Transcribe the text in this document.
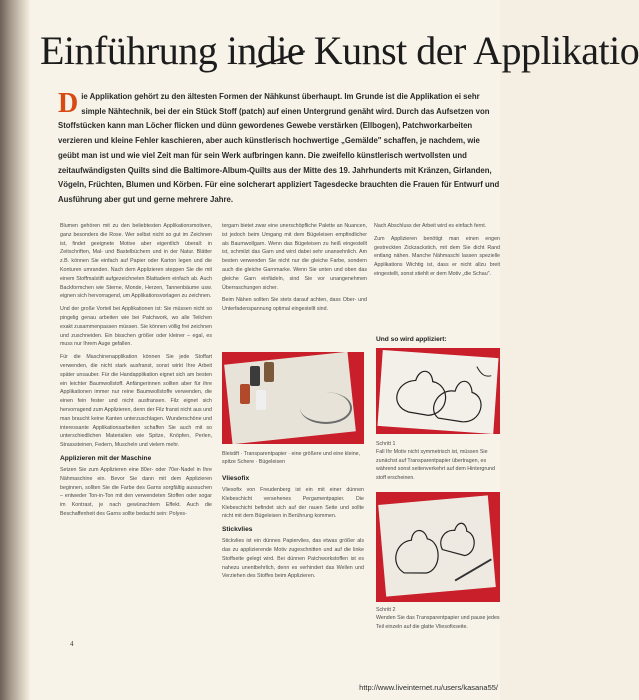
Einführung indie Kunst der Applikatio
Die Applikation gehört zu den ältesten Formen der Nähkunst überhaupt. Im Grunde ist die Applikation ei sehr simple Nähtechnik, bei der ein Stück Stoff (patch) auf einen Untergrund genäht wird. Durch das Aufsetzen von Stoffstücken kann man Löcher flicken und dünn gewordenes Gewebe verstärken (Ellbogen), Patchworkarbeiten verzieren und kleine Fehler kaschieren, aber auch künstlerisch hochwertige „Gemälde" schaffen, je nachdem, wie geübt man ist und wie viel Zeit man für sein Werk aufbringen kann. Die zweifello künstlerisch wertvollsten und zeitaufwändigsten Quilts sind die Baltimore-Album-Quilts aus der Mitte des 19. Jahrhunderts mit Kränzen, Girlanden, Vögeln, Früchten, Blumen und Körben. Für eine solcherart appliziert Tagesdecke brauchten die Frauen für Entwurf und Ausführung aber gut und gerne mehrere Jahre.

Blumen gehören mit zu den beliebtesten Applikationsmotiven, ganz besonders die Rose. Wer selbst nicht so gut im Zeichnen ist, findet geeignete Motive aber eigentlich überall: in Zeitschriften, Mal- und Bastelbüchern und in der Natur. Blätter z.B. können Sie einfach auf Papier oder Karton legen und die Konturen umranden. Nach dem Applizieren steppen Sie die mit einem Stoffmalstift aufgezeichneten Blattadern einfach ab. Auch Backformchen wie Sterne, Monde, Herzen, Tannenbäume usw. eignen sich hervorragend, um Applikationsvorlagen zu zeichnen.

Und der große Vorteil bei Applikationen ist: Sie müssen nicht so pingelig genau arbeiten wie bei Patchwork, wo alle Teilchen exakt zusammenpassen müssen. Sie können völlig frei zeichnen und zuschneiden. Ein bisschen größer oder kleiner – egal, es muss nur Ihrem Auge gefallen.

Für die Maschinenapplikation können Sie jede Stoffart verwenden, die nicht stark ausfranst, sonst wirkt Ihre Arbeit später unsauber. Für die Handapplikation eignet sich am besten ein leichter Baumwollstoff. Anfängerinnen sollten aber für ihre Applikationen immer nur reine Baumwollstoffe verwenden, die einen fein fester und nicht ausfransen. Filz eignet sich hervorragend zum Applizieren, denn der Filz franst nicht aus und man braucht keine Kanten unterzuschlagen. Wunderschöne und interessante Applikationsarbeiten schaffen Sie auch mit so unterschiedlichen Materialien wie Spitze, Knöpfen, Perlen, Strasssteinen, Federn, Muscheln und vielem mehr.

Applizieren mit der Maschine

Setzen Sie zum Applizieren eine 80er- oder 70er-Nadel in Ihre Nähmaschine ein. Bevor Sie dann mit dem Applizieren beginnen, sollten Sie die Farbe des Garns sorgfältig aussuchen – entweder Ton-in-Ton mit den verwendeten Stoffen oder sogar im Kontrast, je nach gewünschtem Effekt. Auch die Beschaffenheit des Garns sollte bedacht sein: Polyes-

tergarn bietet zwar eine unerschöpfliche Palette an Nuancen, ist jedoch beim Umgang mit dem Bügeleisen empfindlicher als Baumwollgarn. Wenn das Bügeleisen zu heiß eingestellt ist, schmilzt das Garn und wird dabei sehr unansehnlich. Am besten verwenden Sie nicht nur die gleiche Farbe, sondern auch die gleiche Garnmarke. Wenn Sie unten und oben das gleiche Garn einfädeln, sind Sie vor unangenehmen Überraschungen sicher.

Beim Nähen sollten Sie stets darauf achten, dass Ober- und Unterfadenspannung optimal eingestellt sind.

Bleistift · Transparentpapier · eine größere und eine kleine, spitze Schere · Bügeleisen
Vliesofix

Vliesofix von Freudenberg ist ein mit einer dünnen Klebeschicht versehenes Pergamentpapier. Die Klebeschicht befindet sich auf der rauen Seite und sollte nicht mit dem Bügeleisen in Berührung kommen.

Stickvlies

Stickvlies ist ein dünnes Papiervlies, das etwas größer als das zu applizierende Motiv zugeschnitten und auf die linke Stoffseite gelegt wird. Bei dünnen Patchworkstoffen ist es nahezu unentbehrlich, denn es verhindert das Wellen und Verziehen des Stoffes beim Applizieren.

Nach Abschluss der Arbeit wird es einfach fernt.

Zum Applizieren benötigt man einen engen gestreckten Zickzackstich, mit dem Sie dicht Rand entlang nähen. Manche Nähmaschi lassen spezielle Applikations Wichtig ist, dass er nicht allzu breit eingestellt, sonst stiehlt er dem Motiv „die Schau".

Und so wird appliziert:
Schritt 1
Fall Ihr Motiv nicht symmetrisch ist, müssen Sie zunächst auf Transparentpapier übertragen, es während sonst seitenverkehrt auf dem Hintergrund stoff erscheinen.
Schritt 2
Wenden Sie das Transparentpapier und pause jedes Teil einzeln auf die glatte Vliesofixseite.
4
http://www.liveinternet.ru/users/kasana55/
